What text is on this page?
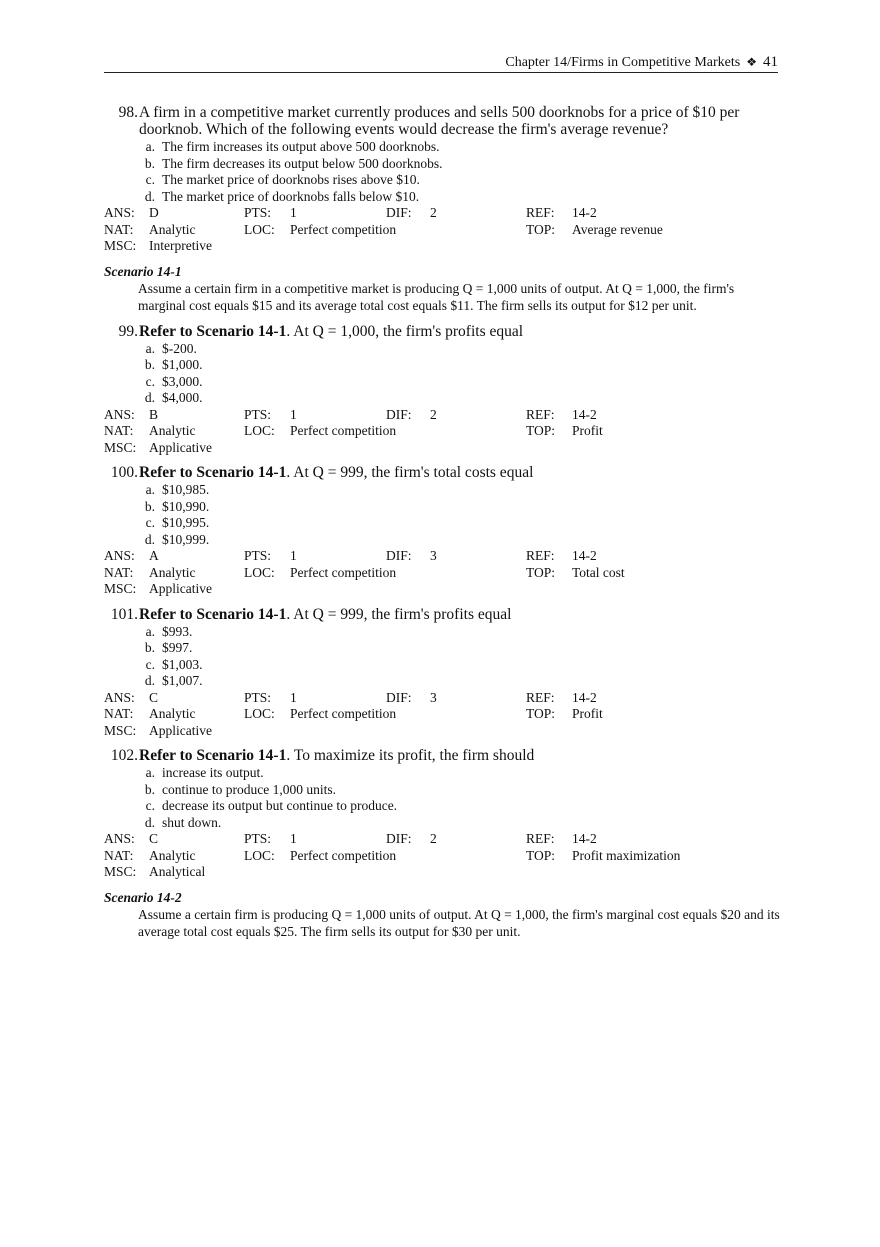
Chapter 14/Firms in Competitive Markets ❖ 41
98. A firm in a competitive market currently produces and sells 500 doorknobs for a price of $10 per doorknob. Which of the following events would decrease the firm's average revenue?
a. The firm increases its output above 500 doorknobs.
b. The firm decreases its output below 500 doorknobs.
c. The market price of doorknobs rises above $10.
d. The market price of doorknobs falls below $10.
ANS: D	PTS: 1	DIF: 2	REF: 14-2
NAT: Analytic	LOC: Perfect competition	TOP: Average revenue
MSC: Interpretive
Scenario 14-1
Assume a certain firm in a competitive market is producing Q = 1,000 units of output. At Q = 1,000, the firm's marginal cost equals $15 and its average total cost equals $11. The firm sells its output for $12 per unit.
99. Refer to Scenario 14-1. At Q = 1,000, the firm's profits equal
a. $-200.
b. $1,000.
c. $3,000.
d. $4,000.
ANS: B	PTS: 1	DIF: 2	REF: 14-2
NAT: Analytic	LOC: Perfect competition	TOP: Profit
MSC: Applicative
100. Refer to Scenario 14-1. At Q = 999, the firm's total costs equal
a. $10,985.
b. $10,990.
c. $10,995.
d. $10,999.
ANS: A	PTS: 1	DIF: 3	REF: 14-2
NAT: Analytic	LOC: Perfect competition	TOP: Total cost
MSC: Applicative
101. Refer to Scenario 14-1. At Q = 999, the firm's profits equal
a. $993.
b. $997.
c. $1,003.
d. $1,007.
ANS: C	PTS: 1	DIF: 3	REF: 14-2
NAT: Analytic	LOC: Perfect competition	TOP: Profit
MSC: Applicative
102. Refer to Scenario 14-1. To maximize its profit, the firm should
a. increase its output.
b. continue to produce 1,000 units.
c. decrease its output but continue to produce.
d. shut down.
ANS: C	PTS: 1	DIF: 2	REF: 14-2
NAT: Analytic	LOC: Perfect competition	TOP: Profit maximization
MSC: Analytical
Scenario 14-2
Assume a certain firm is producing Q = 1,000 units of output. At Q = 1,000, the firm's marginal cost equals $20 and its average total cost equals $25. The firm sells its output for $30 per unit.
